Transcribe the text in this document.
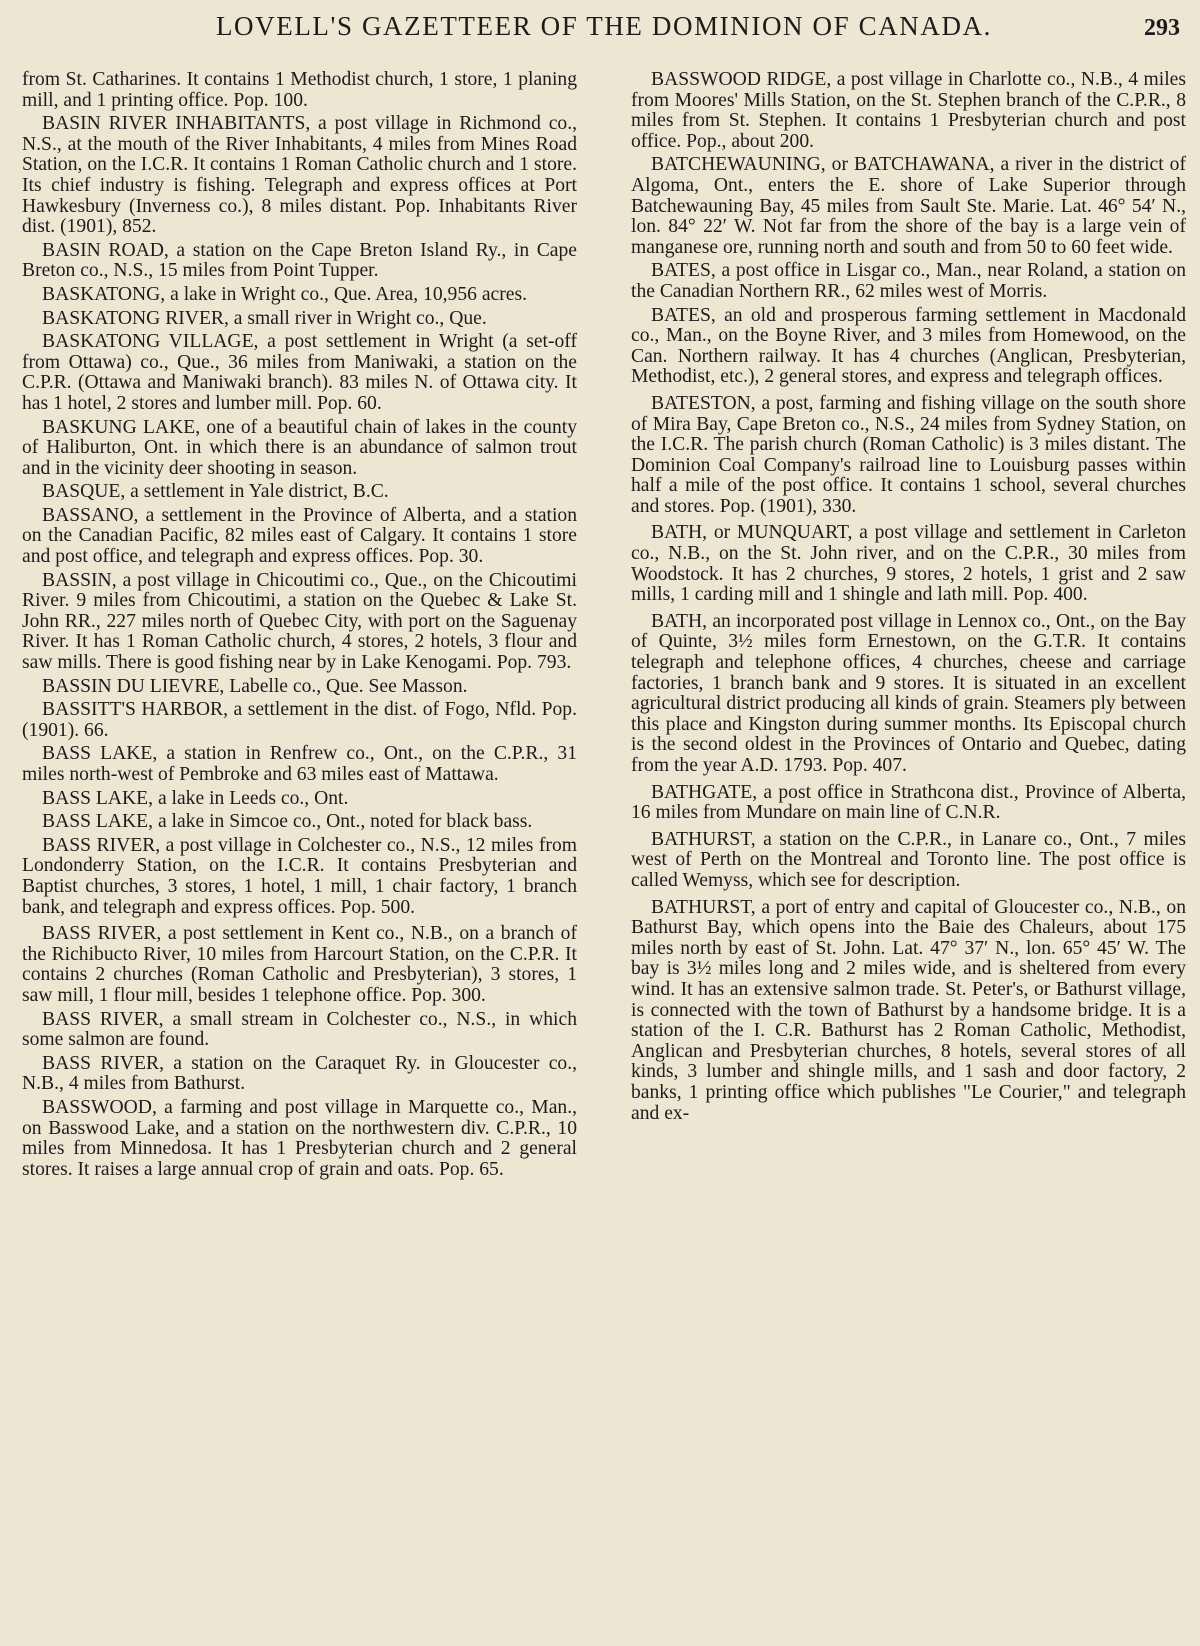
LOVELL'S GAZETTEER OF THE DOMINION OF CANADA.	293

from St. Catharines. It contains 1 Methodist church, 1 store, 1 planing mill, and 1 printing office. Pop. 100.

BASIN RIVER INHABITANTS, a post village in Richmond co., N.S., at the mouth of the River Inhabitants, 4 miles from Mines Road Station, on the I.C.R. It contains 1 Roman Catholic church and 1 store. Its chief industry is fishing. Telegraph and express offices at Port Hawkesbury (Inverness co.), 8 miles distant. Pop. Inhabitants River dist. (1901), 852.

BASIN ROAD, a station on the Cape Breton Island Ry., in Cape Breton co., N.S., 15 miles from Point Tupper.

BASKATONG, a lake in Wright co., Que. Area, 10,956 acres.

BASKATONG RIVER, a small river in Wright co., Que.

BASKATONG VILLAGE, a post settlement in Wright (a set-off from Ottawa) co., Que., 36 miles from Maniwaki, a station on the C.P.R. (Ottawa and Maniwaki branch). 83 miles N. of Ottawa city. It has 1 hotel, 2 stores and lumber mill. Pop. 60.

BASKUNG LAKE, one of a beautiful chain of lakes in the county of Haliburton, Ont. in which there is an abundance of salmon trout and in the vicinity deer shooting in season.

BASQUE, a settlement in Yale district, B.C.

BASSANO, a settlement in the Province of Alberta, and a station on the Canadian Pacific, 82 miles east of Calgary. It contains 1 store and post office, and telegraph and express offices. Pop. 30.

BASSIN, a post village in Chicoutimi co., Que., on the Chicoutimi River. 9 miles from Chicoutimi, a station on the Quebec & Lake St. John RR., 227 miles north of Quebec City, with port on the Saguenay River. It has 1 Roman Catholic church, 4 stores, 2 hotels, 3 flour and saw mills. There is good fishing near by in Lake Kenogami. Pop. 793.

BASSIN DU LIEVRE, Labelle co., Que. See Masson.

BASSITT'S HARBOR, a settlement in the dist. of Fogo, Nfld. Pop. (1901). 66.

BASS LAKE, a station in Renfrew co., Ont., on the C.P.R., 31 miles north-west of Pembroke and 63 miles east of Mattawa.

BASS LAKE, a lake in Leeds co., Ont.

BASS LAKE, a lake in Simcoe co., Ont., noted for black bass.

BASS RIVER, a post village in Colchester co., N.S., 12 miles from Londonderry Station, on the I.C.R. It contains Presbyterian and Baptist churches, 3 stores, 1 hotel, 1 mill, 1 chair factory, 1 branch bank, and telegraph and express offices. Pop. 500.

BASS RIVER, a post settlement in Kent co., N.B., on a branch of the Richibucto River, 10 miles from Harcourt Station, on the C.P.R. It contains 2 churches (Roman Catholic and Presbyterian), 3 stores, 1 saw mill, 1 flour mill, besides 1 telephone office. Pop. 300.

BASS RIVER, a small stream in Colchester co., N.S., in which some salmon are found.

BASS RIVER, a station on the Caraquet Ry. in Gloucester co., N.B., 4 miles from Bathurst.

BASSWOOD, a farming and post village in Marquette co., Man., on Basswood Lake, and a station on the northwestern div. C.P.R., 10 miles from Minnedosa. It has 1 Presbyterian church and 2 general stores. It raises a large annual crop of grain and oats. Pop. 65.

BASSWOOD RIDGE, a post village in Charlotte co., N.B., 4 miles from Moores' Mills Station, on the St. Stephen branch of the C.P.R., 8 miles from St. Stephen. It contains 1 Presbyterian church and post office. Pop., about 200.

BATCHEWAUNING, or BATCHAWANA, a river in the district of Algoma, Ont., enters the E. shore of Lake Superior through Batchewauning Bay, 45 miles from Sault Ste. Marie. Lat. 46° 54′ N., lon. 84° 22′ W. Not far from the shore of the bay is a large vein of manganese ore, running north and south and from 50 to 60 feet wide.

BATES, a post office in Lisgar co., Man., near Roland, a station on the Canadian Northern RR., 62 miles west of Morris.

BATES, an old and prosperous farming settlement in Macdonald co., Man., on the Boyne River, and 3 miles from Homewood, on the Can. Northern railway. It has 4 churches (Anglican, Presbyterian, Methodist, etc.), 2 general stores, and express and telegraph offices.

BATESTON, a post, farming and fishing village on the south shore of Mira Bay, Cape Breton co., N.S., 24 miles from Sydney Station, on the I.C.R. The parish church (Roman Catholic) is 3 miles distant. The Dominion Coal Company's railroad line to Louisburg passes within half a mile of the post office. It contains 1 school, several churches and stores. Pop. (1901), 330.

BATH, or MUNQUART, a post village and settlement in Carleton co., N.B., on the St. John river, and on the C.P.R., 30 miles from Woodstock. It has 2 churches, 9 stores, 2 hotels, 1 grist and 2 saw mills, 1 carding mill and 1 shingle and lath mill. Pop. 400.

BATH, an incorporated post village in Lennox co., Ont., on the Bay of Quinte, 3½ miles form Ernestown, on the G.T.R. It contains telegraph and telephone offices, 4 churches, cheese and carriage factories, 1 branch bank and 9 stores. It is situated in an excellent agricultural district producing all kinds of grain. Steamers ply between this place and Kingston during summer months. Its Episcopal church is the second oldest in the Provinces of Ontario and Quebec, dating from the year A.D. 1793. Pop. 407.

BATHGATE, a post office in Strathcona dist., Province of Alberta, 16 miles from Mundare on main line of C.N.R.

BATHURST, a station on the C.P.R., in Lanare co., Ont., 7 miles west of Perth on the Montreal and Toronto line. The post office is called Wemyss, which see for description.

BATHURST, a port of entry and capital of Gloucester co., N.B., on Bathurst Bay, which opens into the Baie des Chaleurs, about 175 miles north by east of St. John. Lat. 47° 37′ N., lon. 65° 45′ W. The bay is 3½ miles long and 2 miles wide, and is sheltered from every wind. It has an extensive salmon trade. St. Peter's, or Bathurst village, is connected with the town of Bathurst by a handsome bridge. It is a station of the I. C.R. Bathurst has 2 Roman Catholic, Methodist, Anglican and Presbyterian churches, 8 hotels, several stores of all kinds, 3 lumber and shingle mills, and 1 sash and door factory, 2 banks, 1 printing office which publishes "Le Courier," and telegraph and ex-
